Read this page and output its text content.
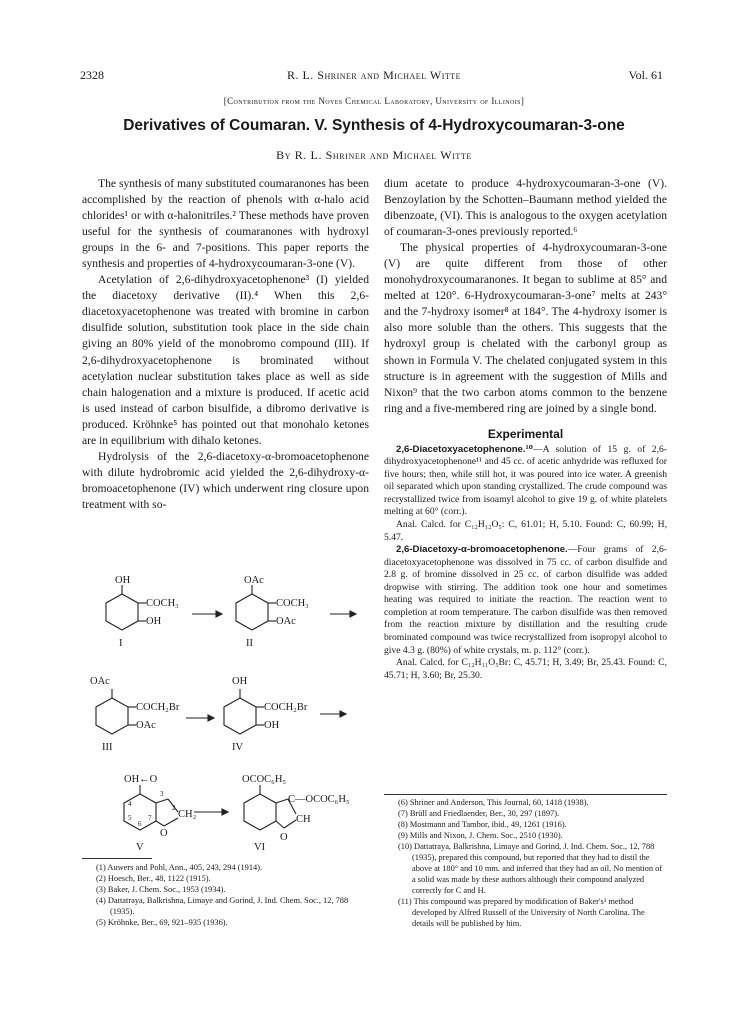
2328	R. L. Shriner and Michael Witte	Vol. 61
[Contribution from the Noyes Chemical Laboratory, University of Illinois]
Derivatives of Coumaran. V. Synthesis of 4-Hydroxycoumaran-3-one
By R. L. Shriner and Michael Witte

The synthesis of many substituted coumaranones has been accomplished by the reaction of phenols with α-halo acid chlorides¹ or with α-halonitriles.² These methods have proven useful for the synthesis of coumaranones with hydroxyl groups in the 6- and 7-positions. This paper reports the synthesis and properties of 4-hydroxycoumaran-3-one (V).

Acetylation of 2,6-dihydroxyacetophenone³ (I) yielded the diacetoxy derivative (II).⁴ When this 2,6-diacetoxyacetophenone was treated with bromine in carbon disulfide solution, substitution took place in the side chain giving an 80% yield of the monobromo compound (III). If 2,6-dihydroxyacetophenone is brominated without acetylation nuclear substitution takes place as well as side chain halogenation and a mixture is produced. If acetic acid is used instead of carbon bisulfide, a dibromo derivative is produced. Kröhnke⁵ has pointed out that monohalo ketones are in equilibrium with dihalo ketones.

Hydrolysis of the 2,6-diacetoxy-α-bromoacetophenone with dilute hydrobromic acid yielded the 2,6-dihydroxy-α-bromoacetophenone (IV) which underwent ring closure upon treatment with so-

OH
COCH₃
OH
I
OAc
COCH₃
OAc
II
OAc
COCH₂Br
OAc
III
OH
COCH₂Br
OH
IV
OH←O
CH₂
O
3
2
4
5
6
7
V
OCOC₆H₅
C—OCOC₆H₅
CH
O
VI
(1) Auwers and Pohl, Ann., 405, 243, 294 (1914).
(2) Hoesch, Ber., 48, 1122 (1915).
(3) Baker, J. Chem. Soc., 1953 (1934).
(4) Dattatraya, Balkrishna, Limaye and Gorind, J. Ind. Chem. Soc., 12, 788 (1935).
(5) Kröhnke, Ber., 69, 921–935 (1936).

dium acetate to produce 4-hydroxycoumaran-3-one (V). Benzoylation by the Schotten–Baumann method yielded the dibenzoate, (VI). This is analogous to the oxygen acetylation of coumaran-3-ones previously reported.⁶

The physical properties of 4-hydroxycoumaran-3-one (V) are quite different from those of other monohydroxycoumaranones. It began to sublime at 85° and melted at 120°. 6-Hydroxycoumaran-3-one⁷ melts at 243° and the 7-hydroxy isomer⁸ at 184°. The 4-hydroxy isomer is also more soluble than the others. This suggests that the hydroxyl group is chelated with the carbonyl group as shown in Formula V. The chelated conjugated system in this structure is in agreement with the suggestion of Mills and Nixon⁹ that the two carbon atoms common to the benzene ring and a five-membered ring are joined by a single bond.

Experimental

2,6-Diacetoxyacetophenone.¹⁰—A solution of 15 g. of 2,6-dihydroxyacetophenone¹¹ and 45 cc. of acetic anhydride was refluxed for five hours; then, while still hot, it was poured into ice water. A greenish oil separated which upon standing crystallized. The crude compound was recrystallized twice from isoamyl alcohol to give 19 g. of white platelets melting at 60° (corr.).

Anal. Calcd. for C₁₂H₁₂O₅: C, 61.01; H, 5.10. Found: C, 60.99; H, 5.47.

2,6-Diacetoxy-α-bromoacetophenone.—Four grams of 2,6-diacetoxyacetophenone was dissolved in 75 cc. of carbon disulfide and 2.8 g. of bromine dissolved in 25 cc. of carbon disulfide was added dropwise with stirring. The addition took one hour and sometimes heating was required to initiate the reaction. The reaction went to completion at room temperature. The carbon disulfide was then removed from the reaction mixture by distillation and the resulting crude brominated compound was twice recrystallized from isopropyl alcohol to give 4.3 g. (80%) of white crystals, m. p. 112° (corr.).

Anal. Calcd. for C₁₂H₁₁O₅Br: C, 45.71; H, 3.49; Br, 25.43. Found: C, 45.71; H, 3.60; Br, 25.30.

(6) Shriner and Anderson, This Journal, 60, 1418 (1938).
(7) Brüll and Friedlaender, Ber., 30, 297 (1897).
(8) Mostmann and Tambor, ibid., 49, 1261 (1916).
(9) Mills and Nixon, J. Chem. Soc., 2510 (1930).
(10) Dattatraya, Balkrishna, Limaye and Gorind, J. Ind. Chem. Soc., 12, 788 (1935), prepared this compound, but reported that they had to distil the above at 180° and 10 mm. and inferred that they had an oil. No mention of a solid was made by these authors although their compound analyzed correctly for C and H.
(11) This compound was prepared by modification of Baker's³ method developed by Alfred Russell of the University of North Carolina. The details will be published by him.
